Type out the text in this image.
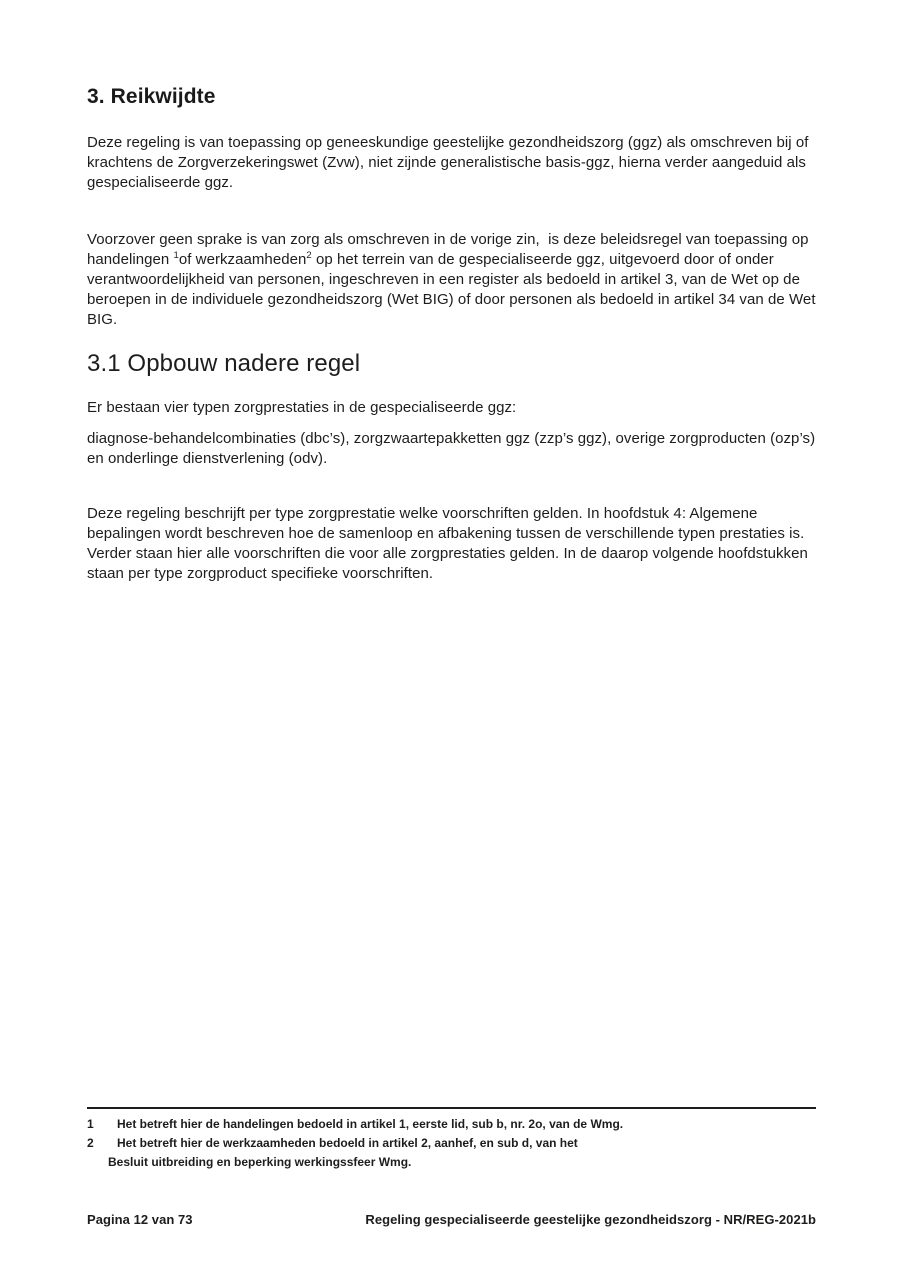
3. Reikwijdte

Deze regeling is van toepassing op geneeskundige geestelijke gezondheidszorg (ggz) als omschreven bij of krachtens de Zorgverzekeringswet (Zvw), niet zijnde generalistische basis-ggz, hierna verder aangeduid als gespecialiseerde ggz.

Voorzover geen sprake is van zorg als omschreven in de vorige zin,  is deze beleidsregel van toepassing op handelingen $^1$of werkzaamheden$^2$ op het terrein van de gespecialiseerde ggz, uitgevoerd door of onder verantwoordelijkheid van personen, ingeschreven in een register als bedoeld in artikel 3, van de Wet op de beroepen in de individuele gezondheidszorg (Wet BIG) of door personen als bedoeld in artikel 34 van de Wet BIG.

3.1 Opbouw nadere regel

Er bestaan vier typen zorgprestaties in de gespecialiseerde ggz:

diagnose-behandelcombinaties (dbc’s), zorgzwaartepakketten ggz (zzp’s ggz), overige zorgproducten (ozp’s) en onderlinge dienstverlening (odv).

Deze regeling beschrijft per type zorgprestatie welke voorschriften gelden. In hoofdstuk 4: Algemene bepalingen wordt beschreven hoe de samenloop en afbakening tussen de verschillende typen prestaties is. Verder staan hier alle voorschriften die voor alle zorgprestaties gelden. In de daarop volgende hoofdstukken staan per type zorgproduct specifieke voorschriften.

1	Het betreft hier de handelingen bedoeld in artikel 1, eerste lid, sub b, nr. 2o, van de Wmg.
2	Het betreft hier de werkzaamheden bedoeld in artikel 2, aanhef, en sub d, van het
Besluit uitbreiding en beperking werkingssfeer Wmg.
Pagina 12 van 73	Regeling gespecialiseerde geestelijke gezondheidszorg - NR/REG-2021b
